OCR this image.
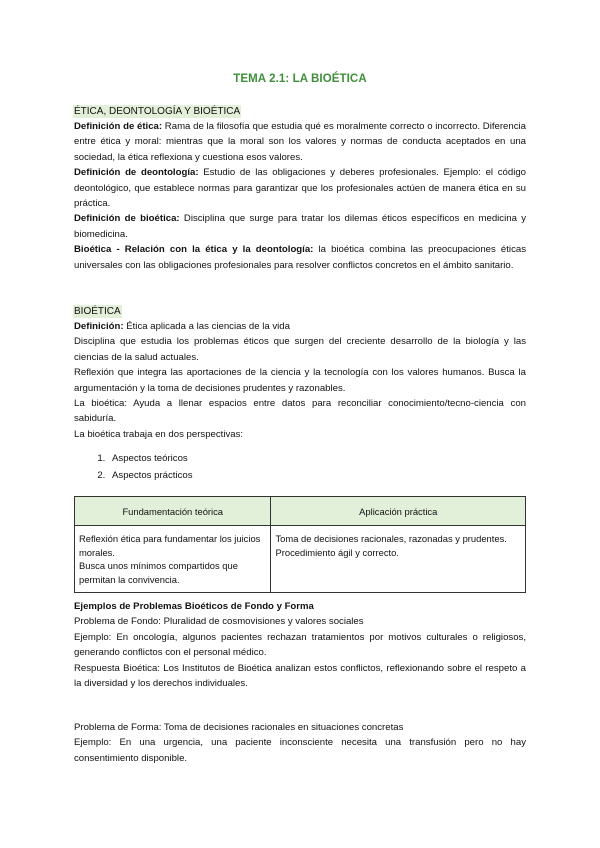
TEMA 2.1: LA BIOÉTICA
ÉTICA, DEONTOLOGÍA Y BIOÉTICA

Definición de ética: Rama de la filosofía que estudia qué es moralmente correcto o incorrecto. Diferencia entre ética y moral: mientras que la moral son los valores y normas de conducta aceptados en una sociedad, la ética reflexiona y cuestiona esos valores.

Definición de deontología: Estudio de las obligaciones y deberes profesionales. Ejemplo: el código deontológico, que establece normas para garantizar que los profesionales actúen de manera ética en su práctica.

Definición de bioética: Disciplina que surge para tratar los dilemas éticos específicos en medicina y biomedicina.

Bioética - Relación con la ética y la deontología: la bioética combina las preocupaciones éticas universales con las obligaciones profesionales para resolver conflictos concretos en el ámbito sanitario.

BIOÉTICA

Definición: Ética aplicada a las ciencias de la vida

Disciplina que estudia los problemas éticos que surgen del creciente desarrollo de la biología y las ciencias de la salud actuales.

Reflexión que integra las aportaciones de la ciencia y la tecnología con los valores humanos. Busca la argumentación y la toma de decisiones prudentes y razonables.

La bioética: Ayuda a llenar espacios entre datos para reconciliar conocimiento/tecno-ciencia con sabiduría.

La bioética trabaja en dos perspectivas:

1. Aspectos teóricos
2. Aspectos prácticos
Fundamentación teórica	Aplicación práctica
Reflexión ética para fundamentar los juicios morales.
Busca unos mínimos compartidos que permitan la convivencia.	Toma de decisiones racionales, razonadas y prudentes. Procedimiento ágil y correcto.

Ejemplos de Problemas Bioéticos de Fondo y Forma

Problema de Fondo: Pluralidad de cosmovisiones y valores sociales

Ejemplo: En oncología, algunos pacientes rechazan tratamientos por motivos culturales o religiosos, generando conflictos con el personal médico.

Respuesta Bioética: Los Institutos de Bioética analizan estos conflictos, reflexionando sobre el respeto a la diversidad y los derechos individuales.

Problema de Forma: Toma de decisiones racionales en situaciones concretas

Ejemplo: En una urgencia, una paciente inconsciente necesita una transfusión pero no hay consentimiento disponible.
